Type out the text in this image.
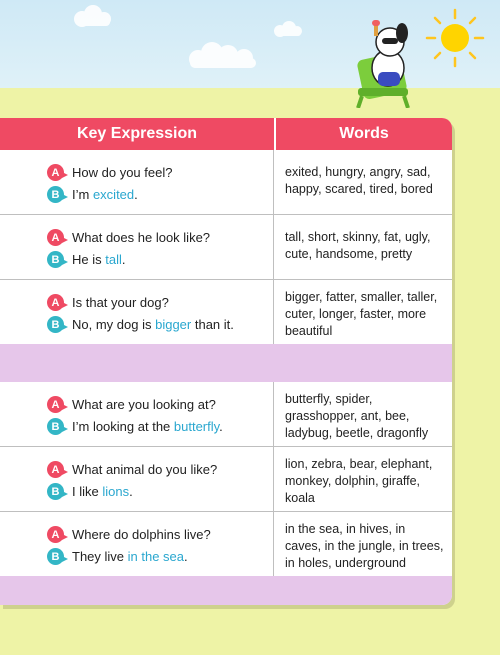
Key Expression	Words
A How do you feel?
B I’m excited.
exited, hungry, angry, sad, happy, scared, tired, bored
A What does he look like?
B He is tall.
tall, short, skinny, fat, ugly, cute, handsome, pretty
A Is that your dog?
B No, my dog is bigger than it.
bigger, fatter, smaller, taller, cuter, longer, faster, more beautiful
A What are you looking at?
B I’m looking at the butterfly.
butterfly, spider, grasshopper, ant, bee, ladybug, beetle, dragonfly
A What animal do you like?
B I like lions.
lion, zebra, bear, elephant, monkey, dolphin, giraffe, koala
A Where do dolphins live?
B They live in the sea.
in the sea, in hives, in caves, in the jungle, in trees, in holes, underground
